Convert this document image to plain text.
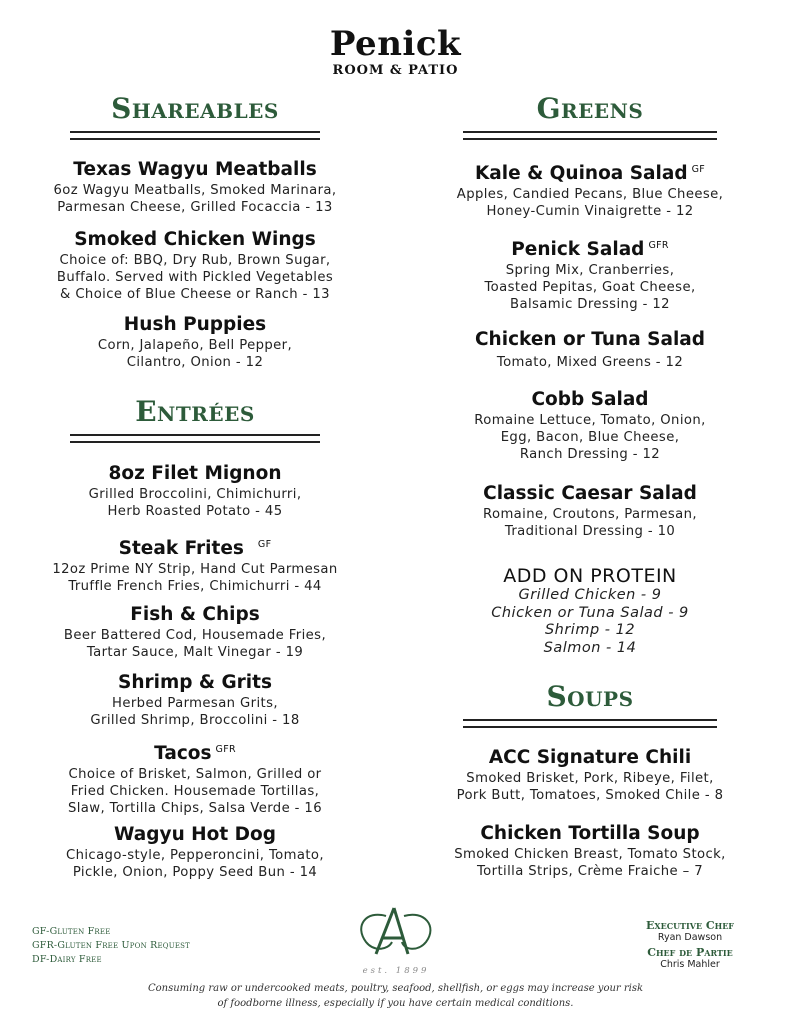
Penick
ROOM & PATIO
Shareables
Texas Wagyu Meatballs
6oz Wagyu Meatballs, Smoked Marinara,
Parmesan Cheese, Grilled Focaccia - 13
Smoked Chicken Wings
Choice of: BBQ, Dry Rub, Brown Sugar,
Buffalo. Served with Pickled Vegetables
& Choice of Blue Cheese or Ranch - 13
Hush Puppies
Corn, Jalapeño, Bell Pepper,
Cilantro, Onion - 12
Entrées
8oz Filet Mignon
Grilled Broccolini, Chimichurri,
Herb Roasted Potato - 45
Steak Frites $^{GF}$
12oz Prime NY Strip, Hand Cut Parmesan
Truffle French Fries, Chimichurri - 44
Fish & Chips
Beer Battered Cod, Housemade Fries,
Tartar Sauce, Malt Vinegar - 19
Shrimp & Grits
Herbed Parmesan Grits,
Grilled Shrimp, Broccolini - 18
Tacos $^{GFR}$
Choice of Brisket, Salmon, Grilled or
Fried Chicken. Housemade Tortillas,
Slaw, Tortilla Chips, Salsa Verde - 16
Wagyu Hot Dog
Chicago-style, Pepperoncini, Tomato,
Pickle, Onion, Poppy Seed Bun - 14
Greens
Kale & Quinoa Salad $^{GF}$
Apples, Candied Pecans, Blue Cheese,
Honey-Cumin Vinaigrette - 12
Penick Salad $^{GFR}$
Spring Mix, Cranberries,
Toasted Pepitas, Goat Cheese,
Balsamic Dressing - 12
Chicken or Tuna Salad
Tomato, Mixed Greens - 12
Cobb Salad
Romaine Lettuce, Tomato, Onion,
Egg, Bacon, Blue Cheese,
Ranch Dressing - 12
Classic Caesar Salad
Romaine, Croutons, Parmesan,
Traditional Dressing - 10
ADD ON PROTEIN
Grilled Chicken - 9
Chicken or Tuna Salad - 9
Shrimp - 12
Salmon - 14
Soups
ACC Signature Chili
Smoked Brisket, Pork, Ribeye, Filet,
Pork Butt, Tomatoes, Smoked Chile - 8
Chicken Tortilla Soup
Smoked Chicken Breast, Tomato Stock,
Tortilla Strips, Crème Fraiche – 7
GF-Gluten Free
GFR-Gluten Free Upon Request
DF-Dairy Free
est. 1899
Executive Chef
Ryan Dawson
Chef de Partie
Chris Mahler
Consuming raw or undercooked meats, poultry, seafood, shellfish, or eggs may increase your risk
of foodborne illness, especially if you have certain medical conditions.
